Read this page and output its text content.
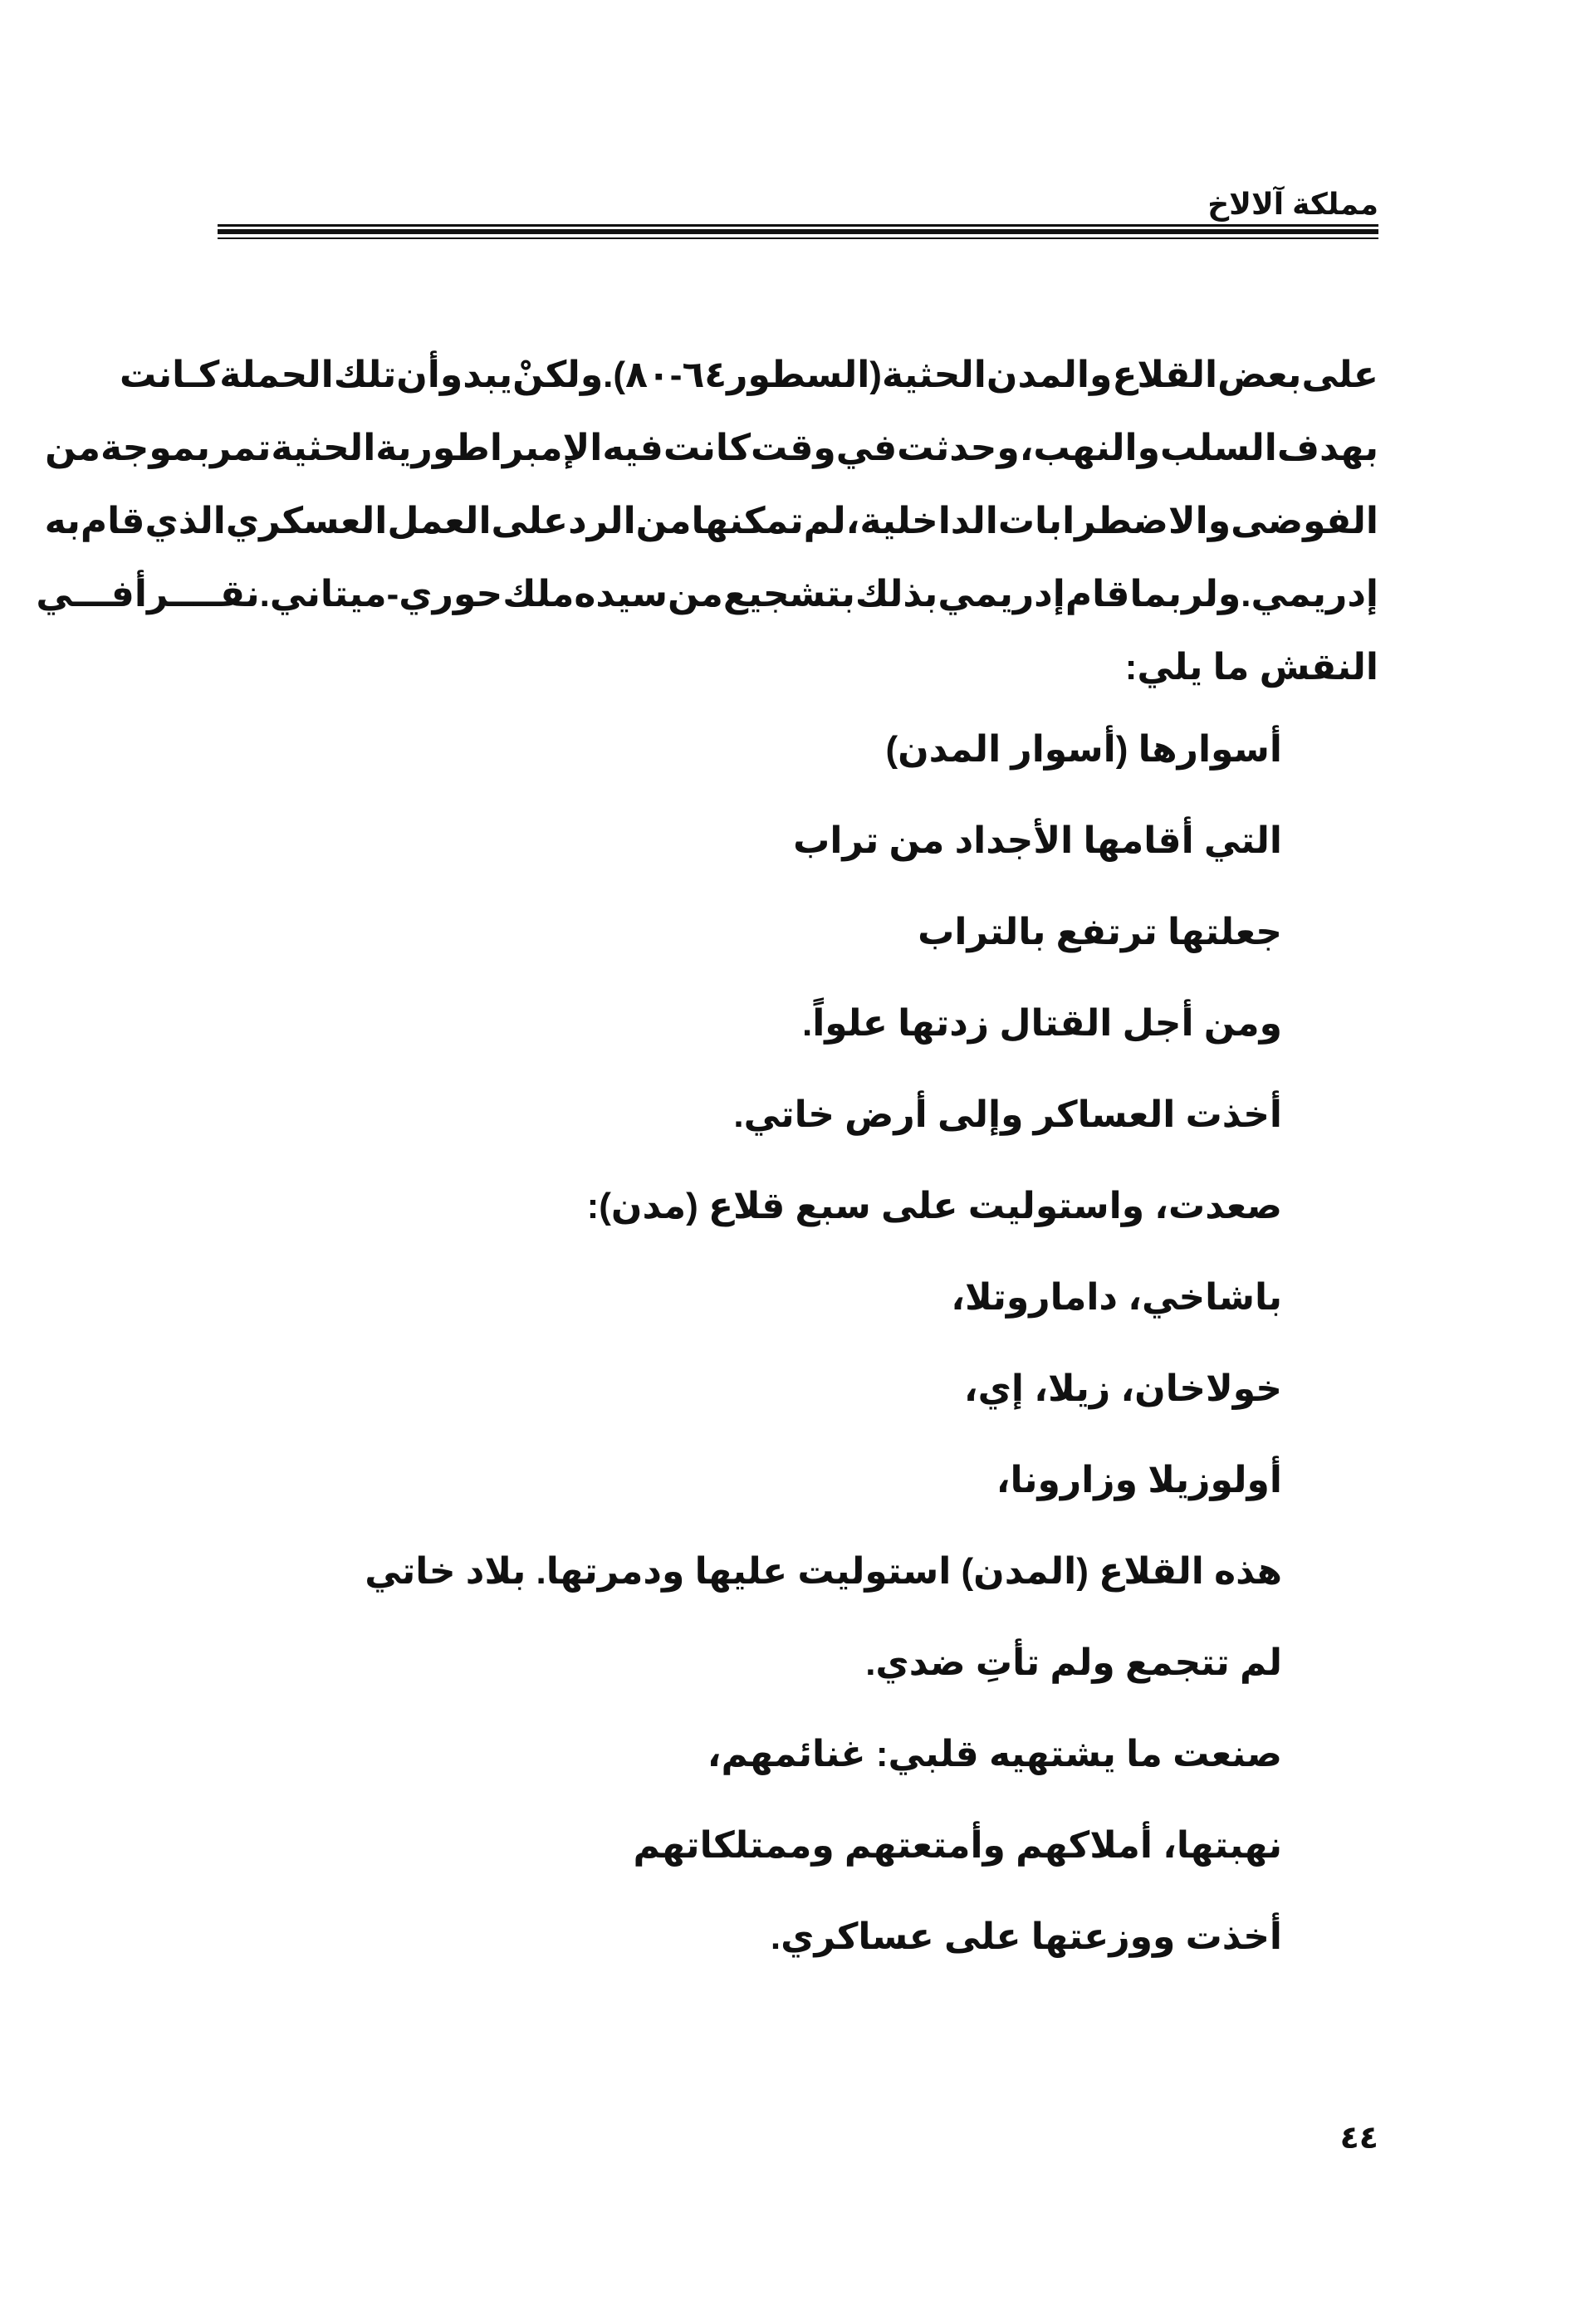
مملكة آلالاخ
على
بعض
القلاع
والمدن
الحثية
(السطور
٦٤-٨٠).
ولكنْ
يبدو
أن
تلك
الحملة
كـانت
بهدف
السلب
والنهب،
وحدثت
في
وقت
كانت
فيه
الإمبراطورية
الحثية
تمر
بموجة
من
الفوضى
والاضطرابات
الداخلية،
لم
تمكنها
من
الرد
على
العمل
العسكري
الذي
قام
به
إدريمي.
ولربما
قام
إدريمي
بذلك
بتشجيع
من
سيده
ملك
حوري-ميتاني.
نقــــرأ
فـــي
النقش ما يلي:
أسوارها (أسوار المدن)
التي أقامها الأجداد من تراب
جعلتها ترتفع بالتراب
ومن أجل القتال زدتها علواً.
أخذت العساكر وإلى أرض خاتي.
صعدت، واستوليت على سبع قلاع (مدن):
باشاخي، داماروتلا،
خولاخان، زيلا، إي،
أولوزيلا وزارونا،
هذه القلاع (المدن) استوليت عليها ودمرتها. بلاد خاتي
لم تتجمع ولم تأتِ ضدي.
صنعت ما يشتهيه قلبي: غنائمهم،
نهبتها، أملاكهم وأمتعتهم وممتلكاتهم
أخذت ووزعتها على عساكري.
٤٤
